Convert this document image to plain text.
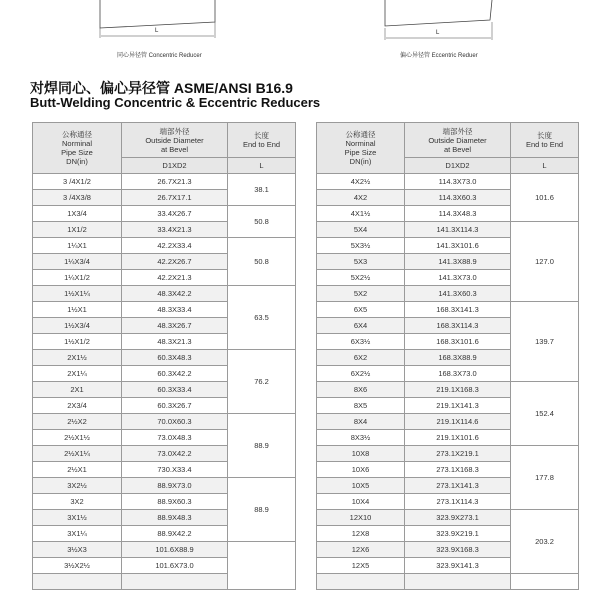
L
同心异径管 Concentric Reducer
L
偏心异径管 Eccentric Reduer
对焊同心、偏心异径管 ASME/ANSI B16.9
Butt-Welding Concentric & Eccentric Reducers
公称通径
Norminal
Pipe Size
DN(in)	端部外径
Outside Diameter
at Bevel	长度
End to End

	D1XD2	L
3 /4X1/2	26.7X21.3	38.1
3 /4X3/8	26.7X17.1	
1X3/4	33.4X26.7	50.8
1X1/2	33.4X21.3	
1¼X1	42.2X33.4	50.8
1¼X3/4	42.2X26.7	
1¼X1/2	42.2X21.3	
1½X1¼	48.3X42.2	63.5
1½X1	48.3X33.4	
1½X3/4	48.3X26.7	
1½X1/2	48.3X21.3	
2X1½	60.3X48.3	76.2
2X1¼	60.3X42.2	
2X1	60.3X33.4	
2X3/4	60.3X26.7	
2½X2	70.0X60.3	88.9
2½X1½	73.0X48.3	
2½X1¼	73.0X42.2	
2½X1	730.X33.4	
3X2½	88.9X73.0	88.9
3X2	88.9X60.3	
3X1½	88.9X48.3	
3X1¼	88.9X42.2	
3½X3	101.6X88.9	
3½X2½	101.6X73.0	

公称通径
Norminal
Pipe Size
DN(in)	端部外径
Outside Diameter
at Bevel	长度
End to End

	D1XD2	L
4X2½	114.3X73.0	101.6
4X2	114.3X60.3	
4X1½	114.3X48.3	
5X4	141.3X114.3	127.0
5X3½	141.3X101.6	
5X3	141.3X88.9	
5X2½	141.3X73.0	
5X2	141.3X60.3	
6X5	168.3X141.3	139.7
6X4	168.3X114.3	
6X3½	168.3X101.6	
6X2	168.3X88.9	
6X2½	168.3X73.0	
8X6	219.1X168.3	152.4
8X5	219.1X141.3	
8X4	219.1X114.6	
8X3½	219.1X101.6	
10X8	273.1X219.1	177.8
10X6	273.1X168.3	
10X5	273.1X141.3	
10X4	273.1X114.3	
12X10	323.9X273.1	203.2
12X8	323.9X219.1	
12X6	323.9X168.3	
12X5	323.9X141.3	
